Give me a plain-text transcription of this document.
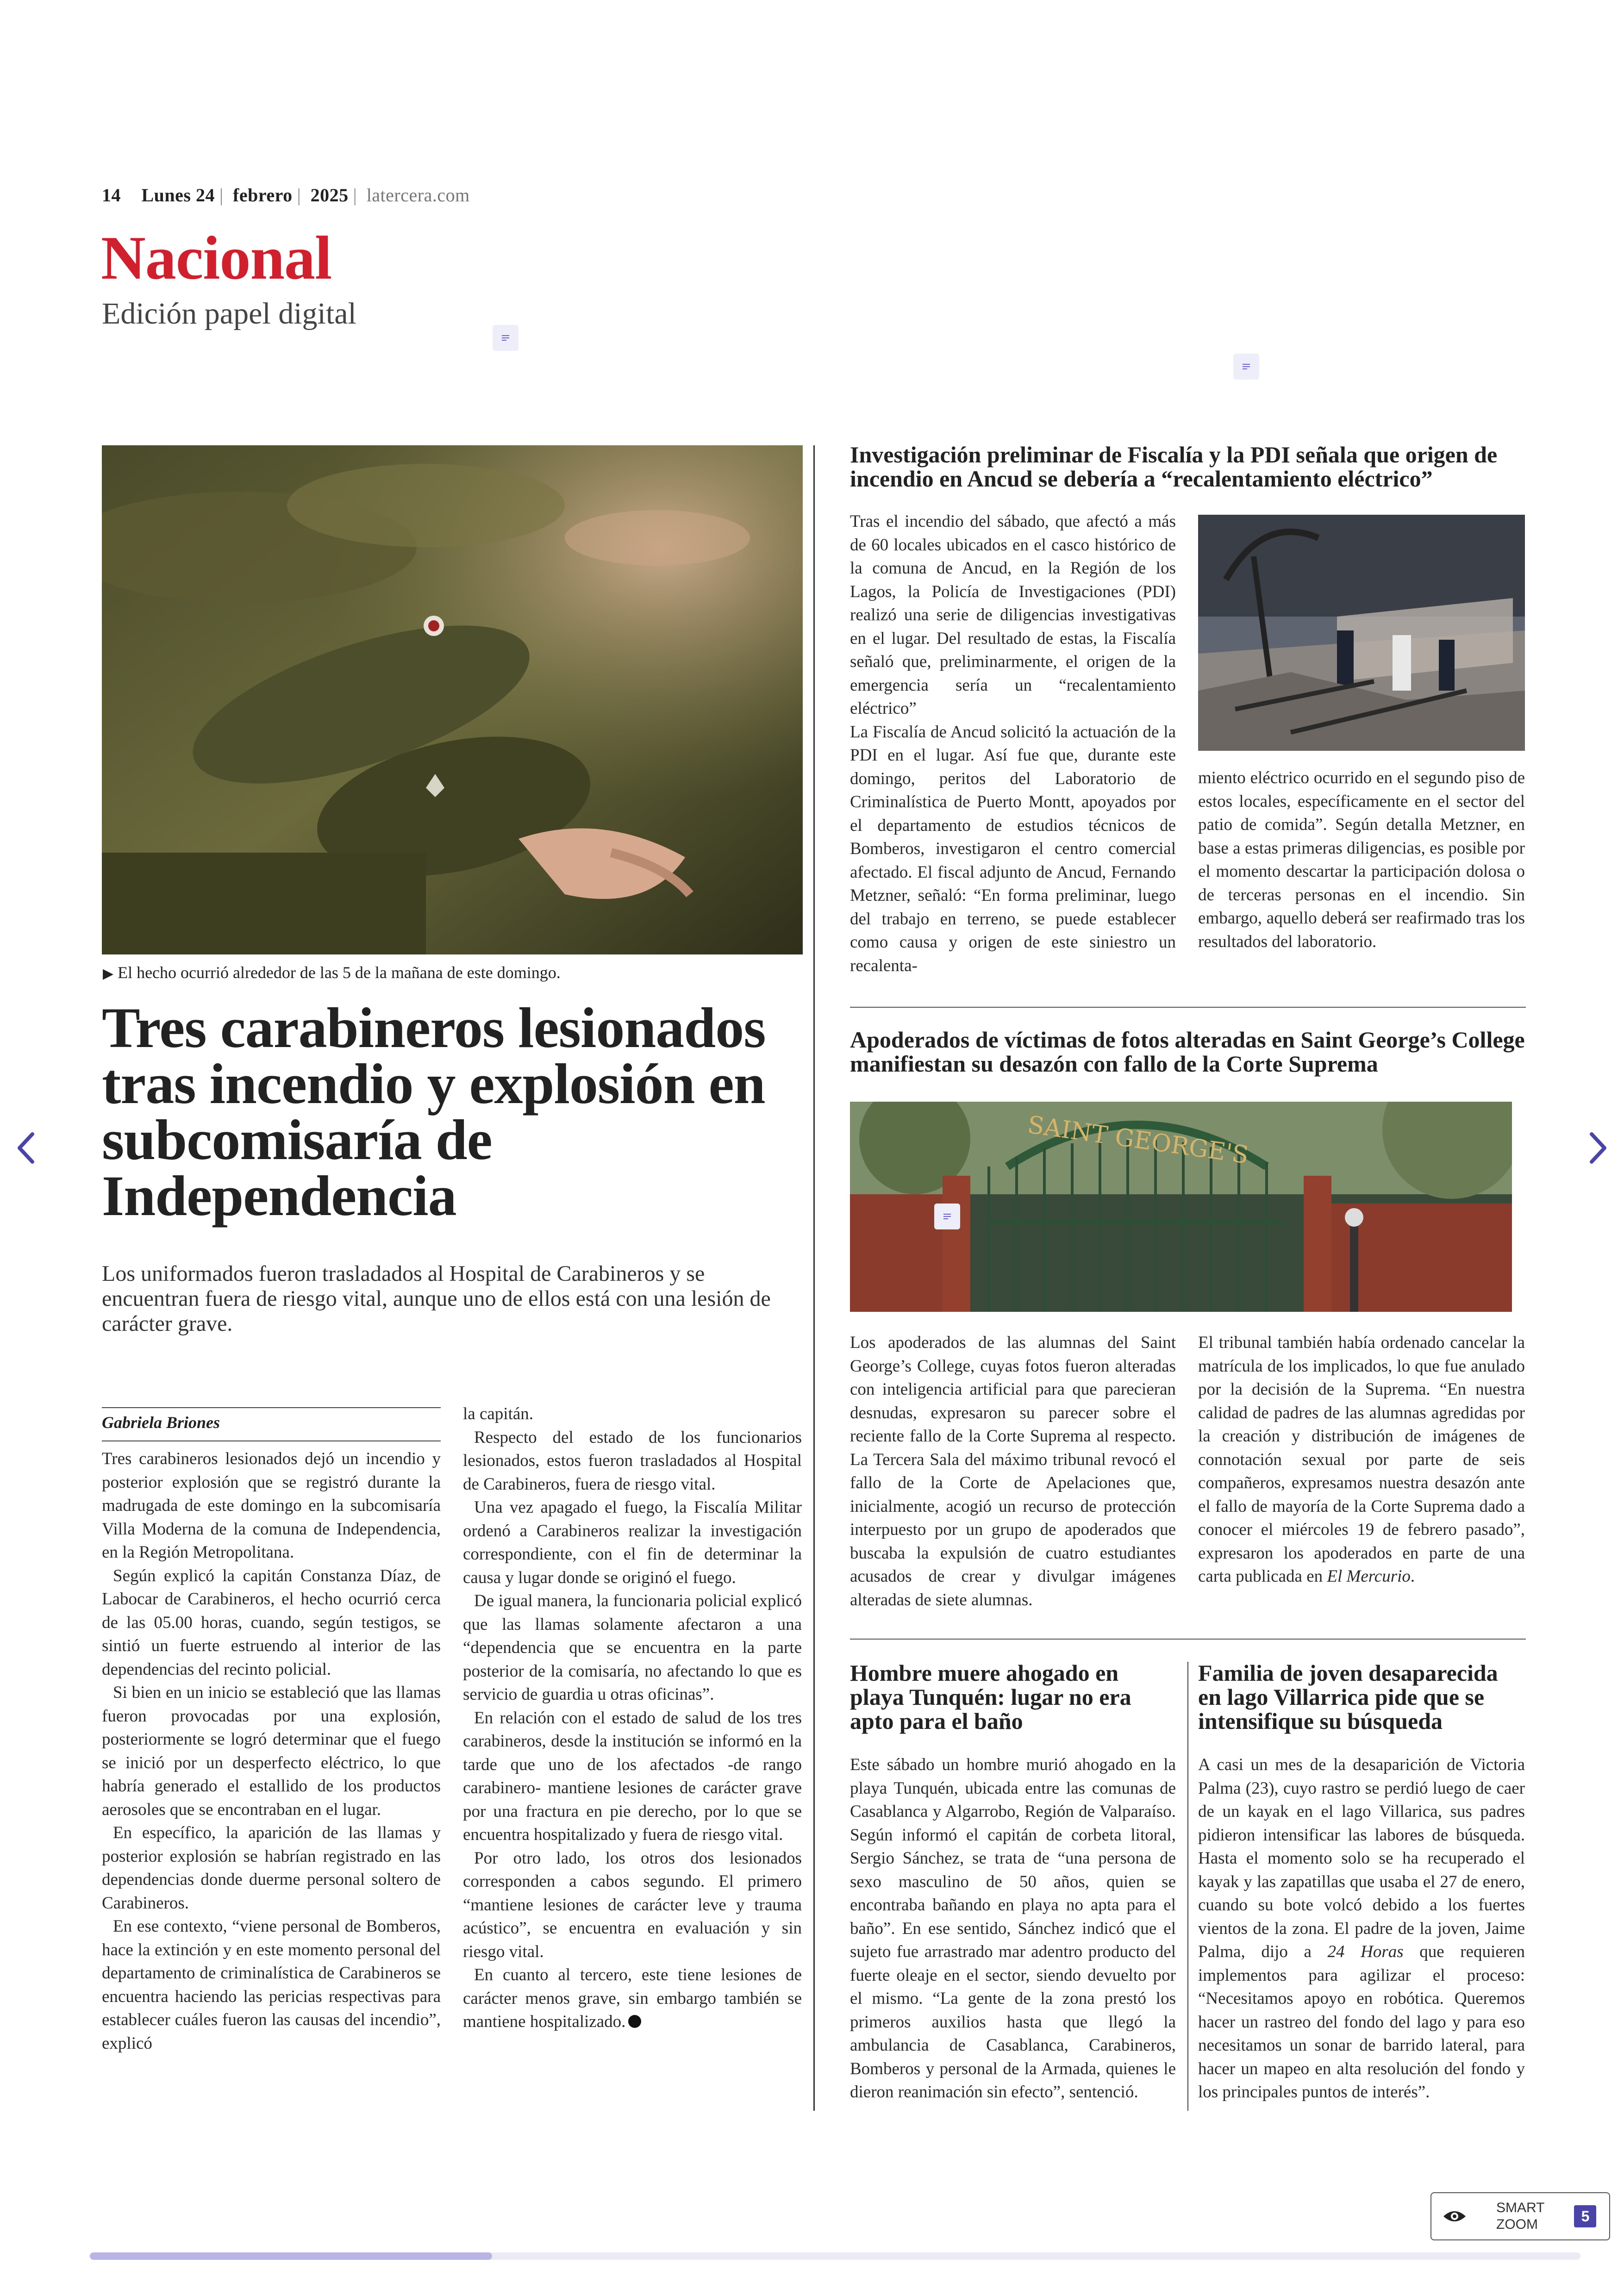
14 Lunes 24 | febrero | 2025 | latercera.com
Nacional
Edición papel digital
▶ El hecho ocurrió alrededor de las 5 de la mañana de este domingo.
Tres carabineros lesionados tras incendio y explosión en subcomisaría de Independencia
Los uniformados fueron trasladados al Hospital de Carabineros y se encuentran fuera de riesgo vital, aunque uno de ellos está con una lesión de carácter grave.
Gabriela Briones

Tres carabineros lesionados dejó un incendio y posterior explosión que se registró durante la madrugada de este domingo en la subcomisaría Villa Moderna de la comuna de Independencia, en la Región Metropolitana.

Según explicó la capitán Constanza Díaz, de Labocar de Carabineros, el hecho ocurrió cerca de las 05.00 horas, cuando, según testigos, se sintió un fuerte estruendo al interior de las dependencias del recinto policial.

Si bien en un inicio se estableció que las llamas fueron provocadas por una explosión, posteriormente se logró determinar que el fuego se inició por un desperfecto eléctrico, lo que habría generado el estallido de los productos aerosoles que se encontraban en el lugar.

En específico, la aparición de las llamas y posterior explosión se habrían registrado en las dependencias donde duerme personal soltero de Carabineros.

En ese contexto, “viene personal de Bomberos, hace la extinción y en este momento personal del departamento de criminalística de Carabineros se encuentra haciendo las pericias respectivas para establecer cuáles fueron las causas del incendio”, explicó

la capitán.

Respecto del estado de los funcionarios lesionados, estos fueron trasladados al Hospital de Carabineros, fuera de riesgo vital.

Una vez apagado el fuego, la Fiscalía Militar ordenó a Carabineros realizar la investigación correspondiente, con el fin de determinar la causa y lugar donde se originó el fuego.

De igual manera, la funcionaria policial explicó que las llamas solamente afectaron a una “dependencia que se encuentra en la parte posterior de la comisaría, no afectando lo que es servicio de guardia u otras oficinas”.

En relación con el estado de salud de los tres carabineros, desde la institución se informó en la tarde que uno de los afectados -de rango carabinero- mantiene lesiones de carácter grave por una fractura en pie derecho, por lo que se encuentra hospitalizado y fuera de riesgo vital.

Por otro lado, los otros dos lesionados corresponden a cabos segundo. El primero “mantiene lesiones de carácter leve y trauma acústico”, se encuentra en evaluación y sin riesgo vital.

En cuanto al tercero, este tiene lesiones de carácter menos grave, sin embargo también se mantiene hospitalizado.

Investigación preliminar de Fiscalía y la PDI señala que origen de incendio en Ancud se debería a “recalentamiento eléctrico”

Tras el incendio del sábado, que afectó a más de 60 locales ubicados en el casco histórico de la comuna de Ancud, en la Región de los Lagos, la Policía de Investigaciones (PDI) realizó una serie de diligencias investigativas en el lugar. Del resultado de estas, la Fiscalía señaló que, preliminarmente, el origen de la emergencia sería un “recalentamiento eléctrico”

La Fiscalía de Ancud solicitó la actuación de la PDI en el lugar. Así fue que, durante este domingo, peritos del Laboratorio de Criminalística de Puerto Montt, apoyados por el departamento de estudios técnicos de Bomberos, investigaron el centro comercial afectado. El fiscal adjunto de Ancud, Fernando Metzner, señaló: “En forma preliminar, luego del trabajo en terreno, se puede establecer como causa y origen de este siniestro un recalenta-

miento eléctrico ocurrido en el segundo piso de estos locales, específicamente en el sector del patio de comida”. Según detalla Metzner, en base a estas primeras diligencias, es posible por el momento descartar la participación dolosa o de terceras personas en el incendio. Sin embargo, aquello deberá ser reafirmado tras los resultados del laboratorio.

Apoderados de víctimas de fotos alteradas en Saint George’s College manifiestan su desazón con fallo de la Corte Suprema
SAINT GEORGE'S

Los apoderados de las alumnas del Saint George’s College, cuyas fotos fueron alteradas con inteligencia artificial para que parecieran desnudas, expresaron su parecer sobre el reciente fallo de la Corte Suprema al respecto. La Tercera Sala del máximo tribunal revocó el fallo de la Corte de Apelaciones que, inicialmente, acogió un recurso de protección interpuesto por un grupo de apoderados que buscaba la expulsión de cuatro estudiantes acusados de crear y divulgar imágenes alteradas de siete alumnas.

El tribunal también había ordenado cancelar la matrícula de los implicados, lo que fue anulado por la decisión de la Suprema. “En nuestra calidad de padres de las alumnas agredidas por la creación y distribución de imágenes de connotación sexual por parte de seis compañeros, expresamos nuestra desazón ante el fallo de mayoría de la Corte Suprema dado a conocer el miércoles 19 de febrero pasado”, expresaron los apoderados en parte de una carta publicada en El Mercurio.

Hombre muere ahogado en playa Tunquén: lugar no era apto para el baño

Este sábado un hombre murió ahogado en la playa Tunquén, ubicada entre las comunas de Casablanca y Algarrobo, Región de Valparaíso. Según informó el capitán de corbeta litoral, Sergio Sánchez, se trata de “una persona de sexo masculino de 50 años, quien se encontraba bañando en playa no apta para el baño”. En ese sentido, Sánchez indicó que el sujeto fue arrastrado mar adentro producto del fuerte oleaje en el sector, siendo devuelto por el mismo. “La gente de la zona prestó los primeros auxilios hasta que llegó la ambulancia de Casablanca, Carabineros, Bomberos y personal de la Armada, quienes le dieron reanimación sin efecto”, sentenció.

Familia de joven desaparecida en lago Villarrica pide que se intensifique su búsqueda

A casi un mes de la desaparición de Victoria Palma (23), cuyo rastro se perdió luego de caer de un kayak en el lago Villarica, sus padres pidieron intensificar las labores de búsqueda. Hasta el momento solo se ha recuperado el kayak y las zapatillas que usaba el 27 de enero, cuando su bote volcó debido a los fuertes vientos de la zona. El padre de la joven, Jaime Palma, dijo a 24 Horas que requieren implementos para agilizar el proceso: “Necesitamos apoyo en robótica. Queremos hacer un rastreo del fondo del lago y para eso necesitamos un sonar de barrido lateral, para hacer un mapeo en alta resolución del fondo y los principales puntos de interés”.

SMART
ZOOM	5
